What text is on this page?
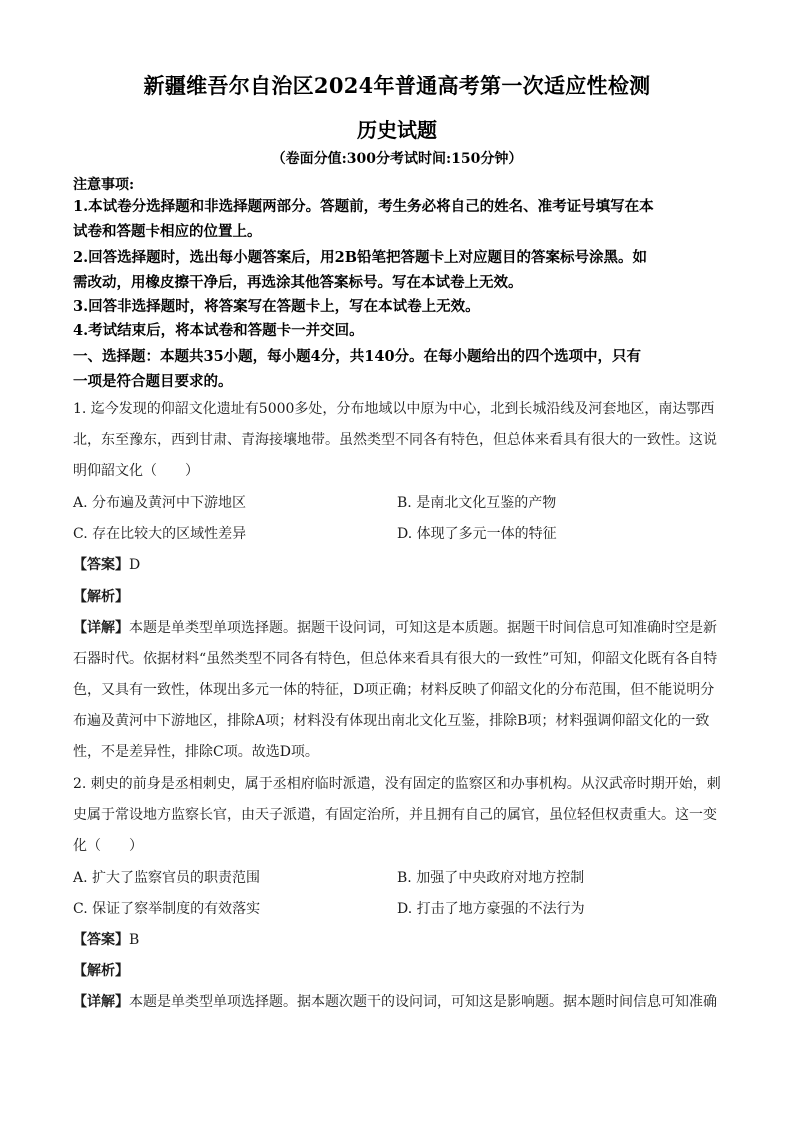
新疆维吾尔自治区2024年普通高考第一次适应性检测
历史试题
（卷面分值:300分考试时间:150分钟）
注意事项:
1.本试卷分选择题和非选择题两部分。答题前，考生务必将自己的姓名、准考证号填写在本
试卷和答题卡相应的位置上。
2.回答选择题时，选出每小题答案后，用2B铅笔把答题卡上对应题目的答案标号涂黑。如
需改动，用橡皮擦干净后，再选涂其他答案标号。写在本试卷上无效。
3.回答非选择题时，将答案写在答题卡上，写在本试卷上无效。
4.考试结束后，将本试卷和答题卡一并交回。
一、选择题：本题共35小题，每小题4分，共140分。在每小题给出的四个选项中，只有
一项是符合题目要求的。
1. 迄今发现的仰韶文化遗址有5000多处，分布地域以中原为中心，北到长城沿线及河套地区，南达鄂西
北，东至豫东，西到甘肃、青海接壤地带。虽然类型不同各有特色，但总体来看具有很大的一致性。这说
明仰韶文化（　　）
A. 分布遍及黄河中下游地区	B. 是南北文化互鉴的产物
C. 存在比较大的区域性差异	D. 体现了多元一体的特征
【答案】D
【解析】
【详解】本题是单类型单项选择题。据题干设问词，可知这是本质题。据题干时间信息可知准确时空是新
石器时代。依据材料“虽然类型不同各有特色，但总体来看具有很大的一致性”可知，仰韶文化既有各自特
色，又具有一致性，体现出多元一体的特征，D项正确；材料反映了仰韶文化的分布范围，但不能说明分
布遍及黄河中下游地区，排除A项；材料没有体现出南北文化互鉴，排除B项；材料强调仰韶文化的一致
性，不是差异性，排除C项。故选D项。
2. 刺史的前身是丞相刺史，属于丞相府临时派遣，没有固定的监察区和办事机构。从汉武帝时期开始，刺
史属于常设地方监察长官，由天子派遣，有固定治所，并且拥有自己的属官，虽位轻但权责重大。这一变
化（　　）
A. 扩大了监察官员的职责范围	B. 加强了中央政府对地方控制
C. 保证了察举制度的有效落实	D. 打击了地方豪强的不法行为
【答案】B
【解析】
【详解】本题是单类型单项选择题。据本题次题干的设问词，可知这是影响题。据本题时间信息可知准确
